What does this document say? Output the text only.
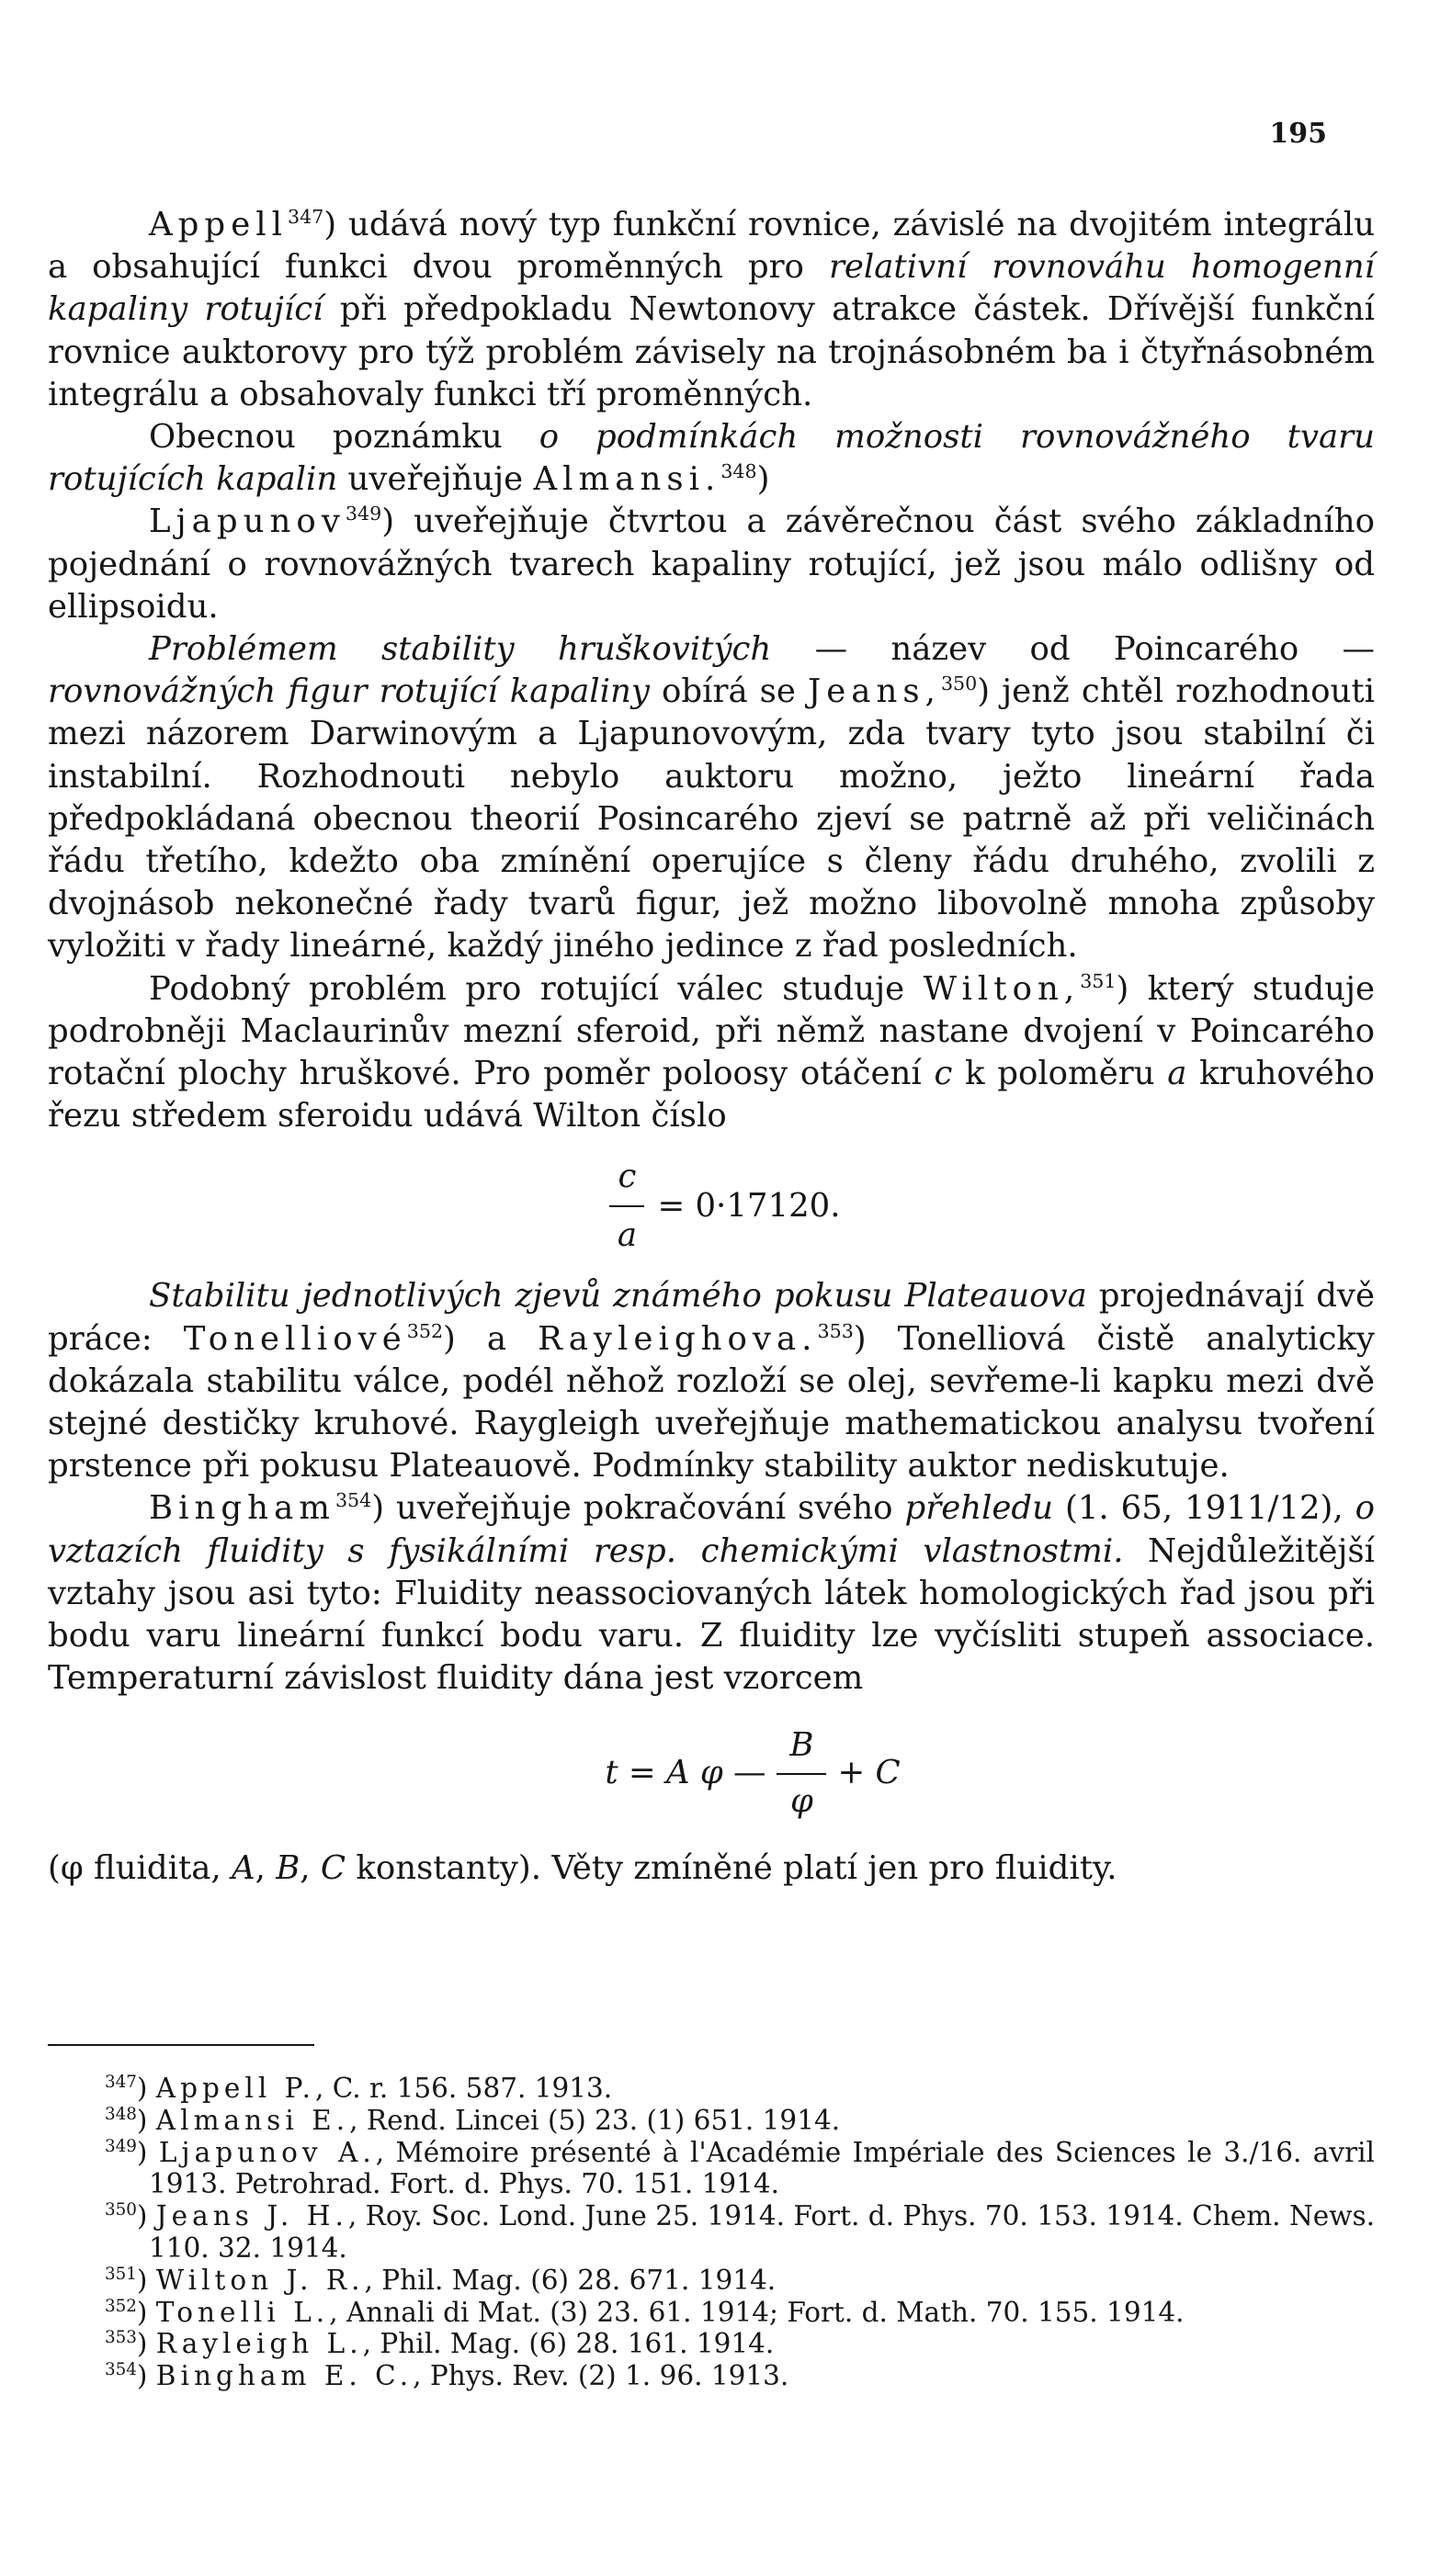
195

Appell$^{347}$) udává nový typ funkční rovnice, závislé na dvojitém integrálu a obsahující funkci dvou proměnných pro relativní rovnováhu homogenní kapaliny rotující při předpokladu Newtonovy atrakce částek. Dřívější funkční rovnice auktorovy pro týž problém závisely na trojnásobném ba i čtyřnásobném integrálu a obsahovaly funkci tří proměnných.

Obecnou poznámku o podmínkách možnosti rovnovážného tvaru rotujících kapalin uveřejňuje Almansi.$^{348}$)

Ljapunov$^{349}$) uveřejňuje čtvrtou a závěrečnou část svého základního pojednání o rovnovážných tvarech kapaliny rotující, jež jsou málo odlišny od ellipsoidu.

Problémem stability hruškovitých — název od Poincarého — rovnovážných figur rotující kapaliny obírá se Jeans,$^{350}$) jenž chtěl rozhodnouti mezi názorem Darwinovým a Ljapunovovým, zda tvary tyto jsou stabilní či instabilní. Rozhodnouti nebylo auktoru možno, ježto lineární řada předpokládaná obecnou theorií Posincarého zjeví se patrně až při veličinách řádu třetího, kdežto oba zmínění operujíce s členy řádu druhého, zvolili z dvojnásob nekonečné řady tvarů figur, jež možno libovolně mnoha způsoby vyložiti v řady lineárné, každý jiného jedince z řad posledních.

Podobný problém pro rotující válec studuje Wilton,$^{351}$) který studuje podrobněji Maclaurinův mezní sferoid, při němž nastane dvojení v Poincarého rotační plochy hruškové. Pro poměr poloosy otáčení c k poloměru a kruhového řezu středem sferoidu udává Wilton číslo

$\frac{c}{a} = 0\cdot 17120$.

Stabilitu jednotlivých zjevů známého pokusu Plateauova projednávají dvě práce: Tonelliové$^{352}$) a Rayleighova.$^{353}$) Tonelliová čistě analyticky dokázala stabilitu válce, podél něhož rozloží se olej, sevřeme-li kapku mezi dvě stejné destičky kruhové. Raygleigh uveřejňuje mathematickou analysu tvoření prstence při pokusu Plateauově. Podmínky stability auktor nediskutuje.

Bingham$^{354}$) uveřejňuje pokračování svého přehledu (1. 65, 1911/12), o vztazích fluidity s fysikálními resp. chemickými vlastnostmi. Nejdůležitější vztahy jsou asi tyto: Fluidity neassociovaných látek homologických řad jsou při bodu varu lineární funkcí bodu varu. Z fluidity lze vyčísliti stupeň associace. Temperaturní závislost fluidity dána jest vzorcem

t = A φ —
B
φ
+ C

(φ fluidita, A, B, C konstanty). Věty zmíněné platí jen pro fluidity.

$^{347}$) Appell P., C. r. 156. 587. 1913.
$^{348}$) Almansi E., Rend. Lincei (5) 23. (1) 651. 1914.
$^{349}$) Ljapunov A., Mémoire présenté à l'Académie Impériale des Sciences le 3./16. avril 1913. Petrohrad. Fort. d. Phys. 70. 151. 1914.
$^{350}$) Jeans J. H., Roy. Soc. Lond. June 25. 1914. Fort. d. Phys. 70. 153. 1914. Chem. News. 110. 32. 1914.
$^{351}$) Wilton J. R., Phil. Mag. (6) 28. 671. 1914.
$^{352}$) Tonelli L., Annali di Mat. (3) 23. 61. 1914; Fort. d. Math. 70. 155. 1914.
$^{353}$) Rayleigh L., Phil. Mag. (6) 28. 161. 1914.
$^{354}$) Bingham E. C., Phys. Rev. (2) 1. 96. 1913.
